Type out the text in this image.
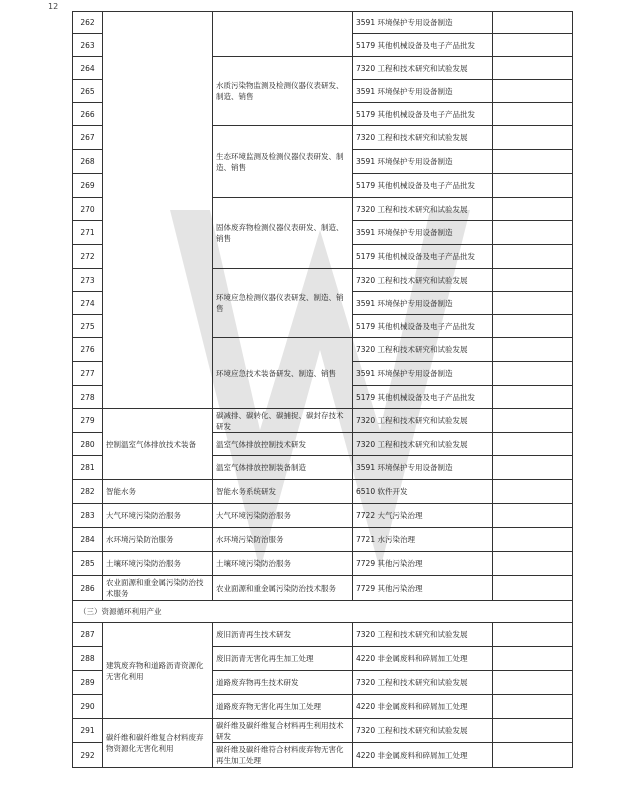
12
262			3591 环境保护专用设备制造	
263			5179 其他机械设备及电子产品批发	
264		水质污染物监测及检测仪器仪表研发、制造、销售	7320 工程和技术研究和试验发展	
265			3591 环境保护专用设备制造	
266			5179 其他机械设备及电子产品批发	
267		生态环境监测及检测仪器仪表研发、制造、销售	7320 工程和技术研究和试验发展	
268			3591 环境保护专用设备制造	
269			5179 其他机械设备及电子产品批发	
270		固体废弃物检测仪器仪表研发、制造、销售	7320 工程和技术研究和试验发展	
271			3591 环境保护专用设备制造	
272			5179 其他机械设备及电子产品批发	
273		环境应急检测仪器仪表研发、制造、销售	7320 工程和技术研究和试验发展	
274			3591 环境保护专用设备制造	
275			5179 其他机械设备及电子产品批发	
276		环境应急技术装备研发、制造、销售	7320 工程和技术研究和试验发展	
277			3591 环境保护专用设备制造	
278			5179 其他机械设备及电子产品批发	
279	控制温室气体排放技术装备	碳减排、碳转化、碳捕捉、碳封存技术研发	7320 工程和技术研究和试验发展	
280		温室气体排放控制技术研发	7320 工程和技术研究和试验发展	
281		温室气体排放控制装备制造	3591 环境保护专用设备制造	
282	智能水务	智能水务系统研发	6510 软件开发	
283	大气环境污染防治服务	大气环境污染防治服务	7722 大气污染治理	
284	水环境污染防治服务	水环境污染防治服务	7721 水污染治理	
285	土壤环境污染防治服务	土壤环境污染防治服务	7729 其他污染治理	
286	农业面源和重金属污染防治技术服务	农业面源和重金属污染防治技术服务	7729 其他污染治理	
（三）资源循环利用产业				
287	建筑废弃物和道路沥青资源化无害化利用	废旧沥青再生技术研发	7320 工程和技术研究和试验发展	
288		废旧沥青无害化再生加工处理	4220 非金属废料和碎屑加工处理	
289		道路废弃物再生技术研发	7320 工程和技术研究和试验发展	
290		道路废弃物无害化再生加工处理	4220 非金属废料和碎屑加工处理	
291	碳纤维和碳纤维复合材料废弃物资源化无害化利用	碳纤维及碳纤维复合材料再生利用技术研发	7320 工程和技术研究和试验发展	
292		碳纤维及碳纤维符合材料废弃物无害化再生加工处理	4220 非金属废料和碎屑加工处理	
